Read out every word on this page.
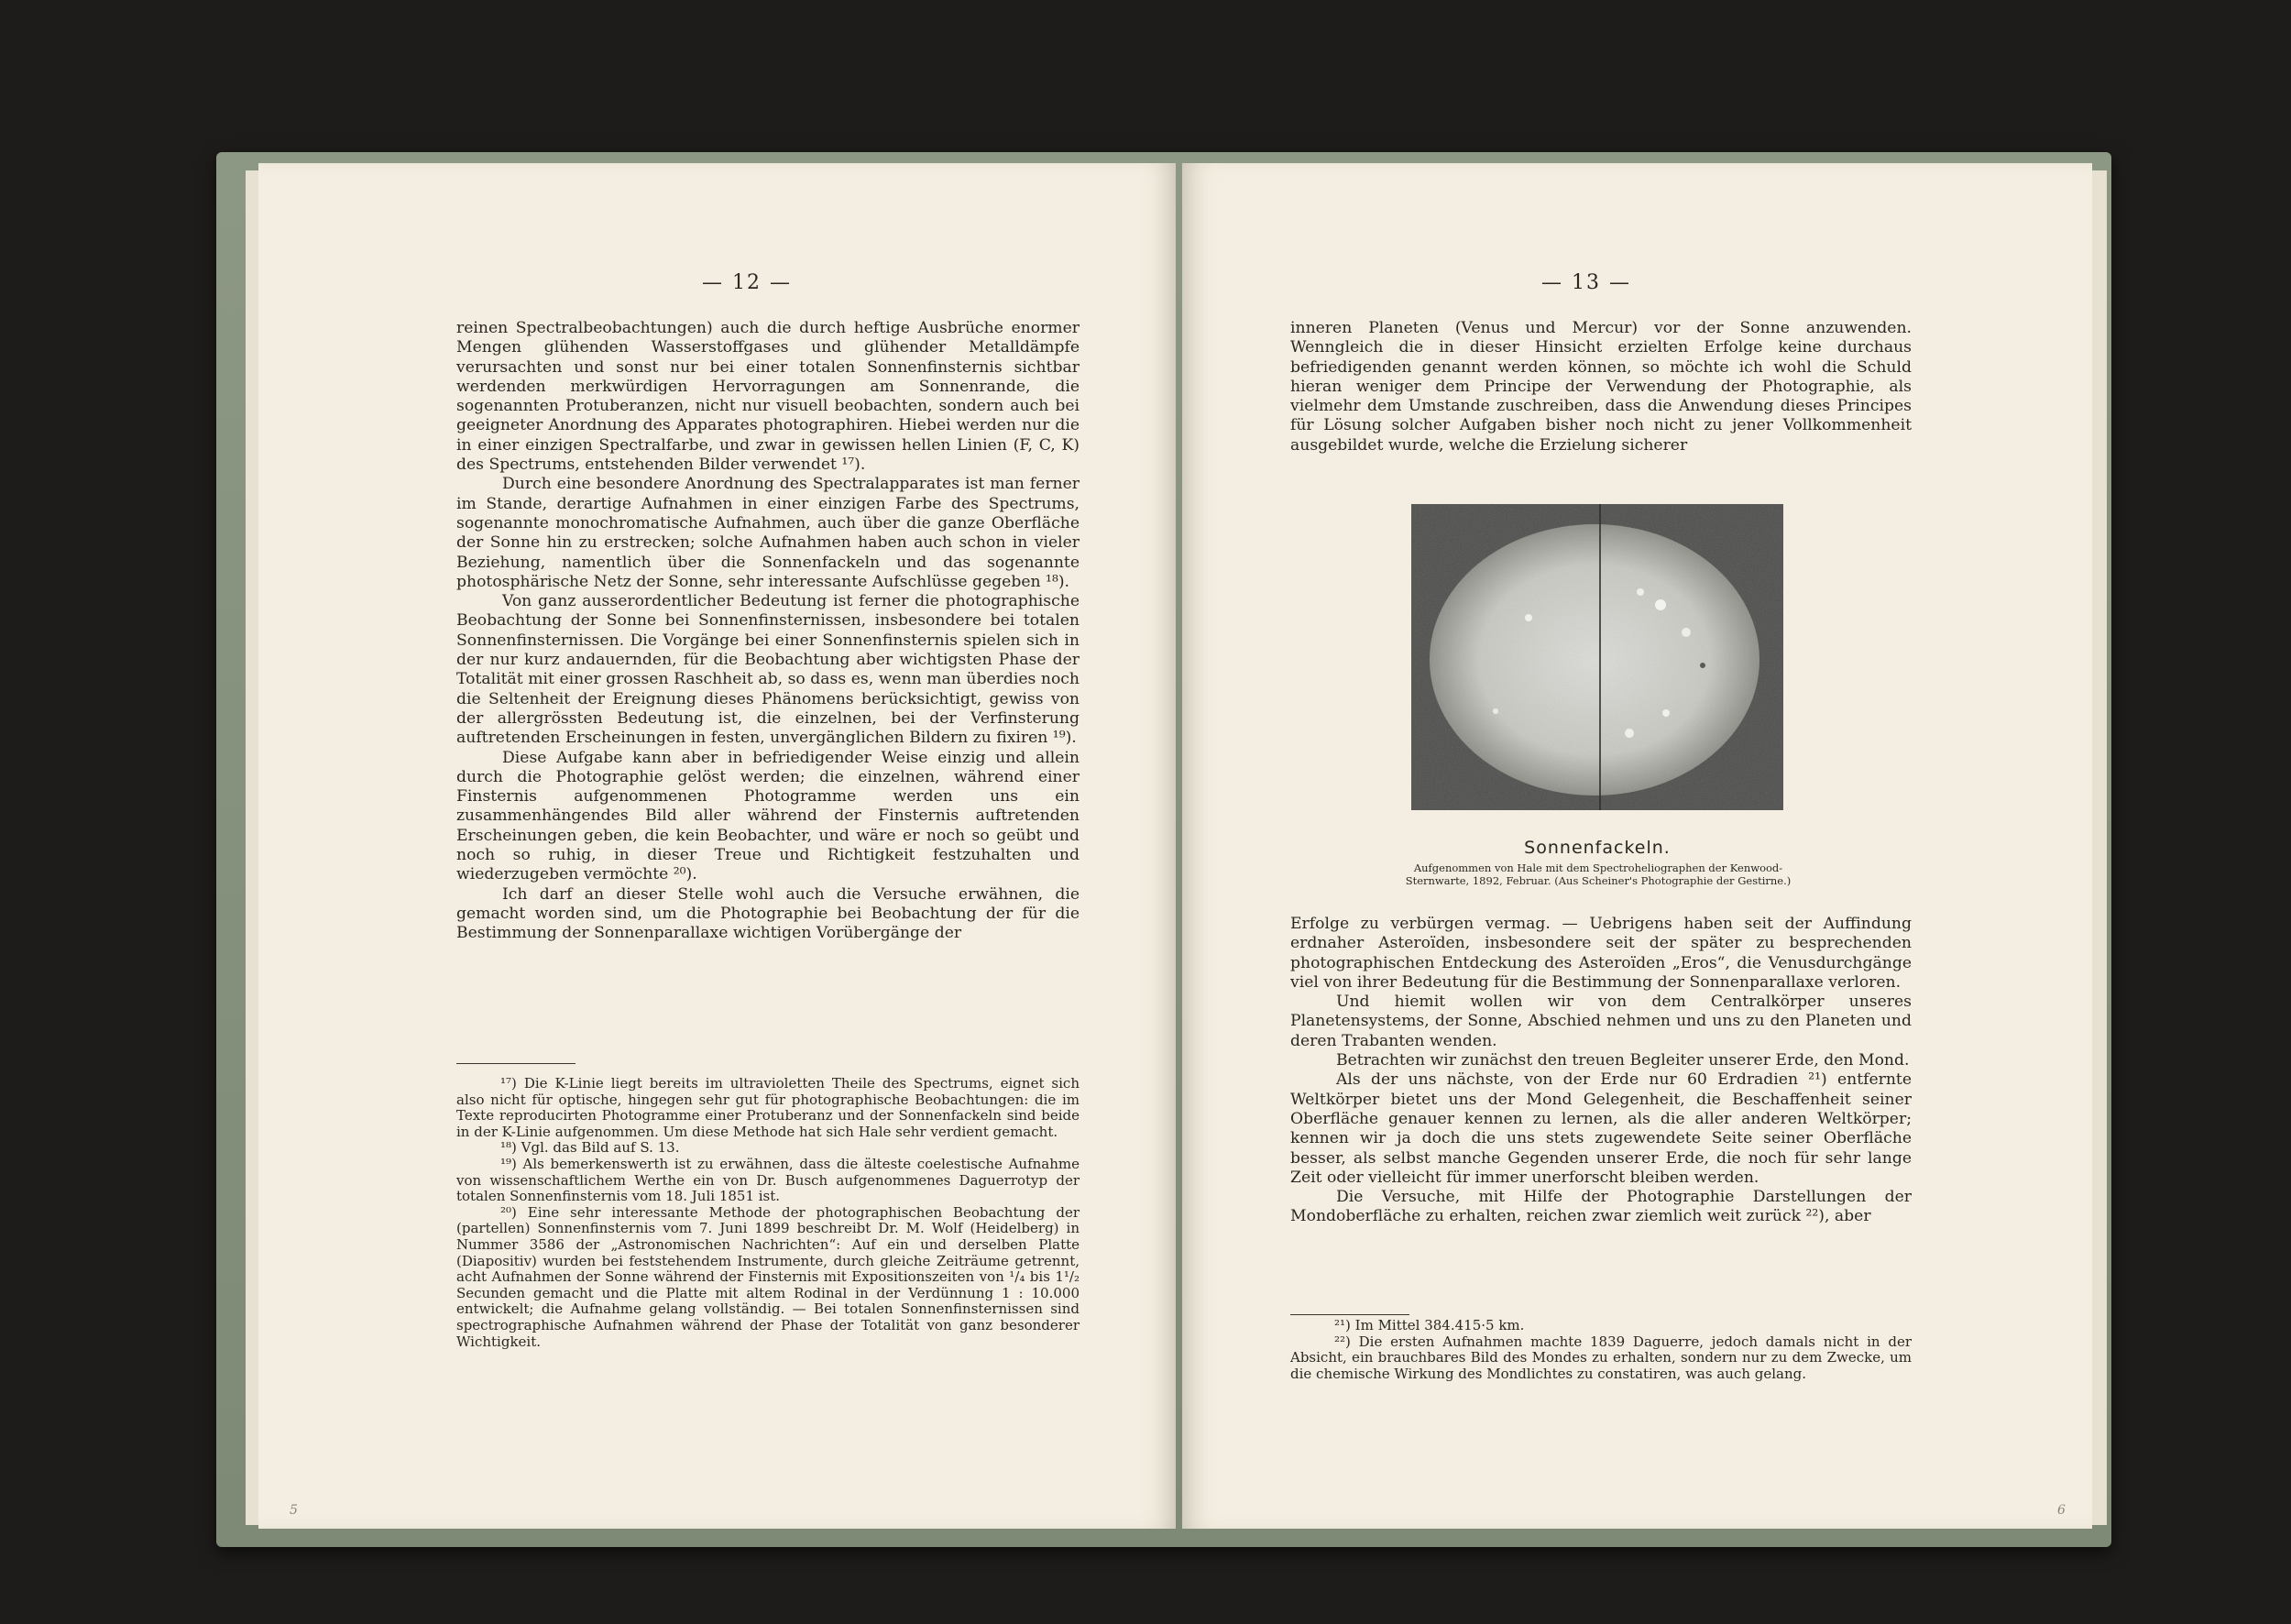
— 12 —

reinen Spectralbeobachtungen) auch die durch heftige Ausbrüche enormer Mengen glühenden Wasserstoffgases und glühender Metalldämpfe verursachten und sonst nur bei einer totalen Sonnenfinsternis sichtbar werdenden merkwürdigen Hervorragungen am Sonnenrande, die sogenannten Protuberanzen, nicht nur visuell beobachten, sondern auch bei geeigneter Anordnung des Apparates photographiren. Hiebei werden nur die in einer einzigen Spectralfarbe, und zwar in gewissen hellen Linien (F, C, K) des Spectrums, entstehenden Bilder verwendet ¹⁷).

Durch eine besondere Anordnung des Spectralapparates ist man ferner im Stande, derartige Aufnahmen in einer einzigen Farbe des Spectrums, sogenannte monochromatische Aufnahmen, auch über die ganze Oberfläche der Sonne hin zu erstrecken; solche Aufnahmen haben auch schon in vieler Beziehung, namentlich über die Sonnenfackeln und das sogenannte photosphärische Netz der Sonne, sehr interessante Aufschlüsse gegeben ¹⁸).

Von ganz ausserordentlicher Bedeutung ist ferner die photographische Beobachtung der Sonne bei Sonnenfinsternissen, insbesondere bei totalen Sonnenfinsternissen. Die Vorgänge bei einer Sonnenfinsternis spielen sich in der nur kurz andauernden, für die Beobachtung aber wichtigsten Phase der Totalität mit einer grossen Raschheit ab, so dass es, wenn man überdies noch die Seltenheit der Ereignung dieses Phänomens berücksichtigt, gewiss von der allergrössten Bedeutung ist, die einzelnen, bei der Verfinsterung auftretenden Erscheinungen in festen, unvergänglichen Bildern zu fixiren ¹⁹).

Diese Aufgabe kann aber in befriedigender Weise einzig und allein durch die Photographie gelöst werden; die einzelnen, während einer Finsternis aufgenommenen Photogramme werden uns ein zusammenhängendes Bild aller während der Finsternis auftretenden Erscheinungen geben, die kein Beobachter, und wäre er noch so geübt und noch so ruhig, in dieser Treue und Richtigkeit festzuhalten und wiederzugeben vermöchte ²⁰).

Ich darf an dieser Stelle wohl auch die Versuche erwähnen, die gemacht worden sind, um die Photographie bei Beobachtung der für die Bestimmung der Sonnenparallaxe wichtigen Vorübergänge der

¹⁷) Die K-Linie liegt bereits im ultravioletten Theile des Spectrums, eignet sich also nicht für optische, hingegen sehr gut für photographische Beobachtungen: die im Texte reproducirten Photogramme einer Protuberanz und der Sonnenfackeln sind beide in der K-Linie aufgenommen. Um diese Methode hat sich Hale sehr verdient gemacht.

¹⁸) Vgl. das Bild auf S. 13.

¹⁹) Als bemerkenswerth ist zu erwähnen, dass die älteste coelestische Aufnahme von wissenschaftlichem Werthe ein von Dr. Busch aufgenommenes Daguerrotyp der totalen Sonnenfinsternis vom 18. Juli 1851 ist.

²⁰) Eine sehr interessante Methode der photographischen Beobachtung der (partellen) Sonnenfinsternis vom 7. Juni 1899 beschreibt Dr. M. Wolf (Heidelberg) in Nummer 3586 der „Astronomischen Nachrichten“: Auf ein und derselben Platte (Diapositiv) wurden bei feststehendem Instrumente, durch gleiche Zeiträume getrennt, acht Aufnahmen der Sonne während der Finsternis mit Expositionszeiten von ¹/₄ bis 1¹/₂ Secunden gemacht und die Platte mit altem Rodinal in der Verdünnung 1 : 10.000 entwickelt; die Aufnahme gelang vollständig. — Bei totalen Sonnenfinsternissen sind spectrographische Aufnahmen während der Phase der Totalität von ganz besonderer Wichtigkeit.

5
— 13 —

inneren Planeten (Venus und Mercur) vor der Sonne anzuwenden. Wenngleich die in dieser Hinsicht erzielten Erfolge keine durchaus befriedigenden genannt werden können, so möchte ich wohl die Schuld hieran weniger dem Principe der Verwendung der Photographie, als vielmehr dem Umstande zuschreiben, dass die Anwendung dieses Principes für Lösung solcher Aufgaben bisher noch nicht zu jener Vollkommenheit ausgebildet wurde, welche die Erzielung sicherer

Sonnenfackeln.
Aufgenommen von Hale mit dem Spectroheliographen der Kenwood-Sternwarte, 1892, Februar. (Aus Scheiner's Photographie der Gestirne.)

Erfolge zu verbürgen vermag. — Uebrigens haben seit der Auffindung erdnaher Asteroïden, insbesondere seit der später zu besprechenden photographischen Entdeckung des Asteroïden „Eros“, die Venusdurchgänge viel von ihrer Bedeutung für die Bestimmung der Sonnenparallaxe verloren.

Und hiemit wollen wir von dem Centralkörper unseres Planetensystems, der Sonne, Abschied nehmen und uns zu den Planeten und deren Trabanten wenden.

Betrachten wir zunächst den treuen Begleiter unserer Erde, den Mond.

Als der uns nächste, von der Erde nur 60 Erdradien ²¹) entfernte Weltkörper bietet uns der Mond Gelegenheit, die Beschaffenheit seiner Oberfläche genauer kennen zu lernen, als die aller anderen Weltkörper; kennen wir ja doch die uns stets zugewendete Seite seiner Oberfläche besser, als selbst manche Gegenden unserer Erde, die noch für sehr lange Zeit oder vielleicht für immer unerforscht bleiben werden.

Die Versuche, mit Hilfe der Photographie Darstellungen der Mondoberfläche zu erhalten, reichen zwar ziemlich weit zurück ²²), aber

²¹) Im Mittel 384.415·5 km.

²²) Die ersten Aufnahmen machte 1839 Daguerre, jedoch damals nicht in der Absicht, ein brauchbares Bild des Mondes zu erhalten, sondern nur zu dem Zwecke, um die chemische Wirkung des Mondlichtes zu constatiren, was auch gelang.

6
